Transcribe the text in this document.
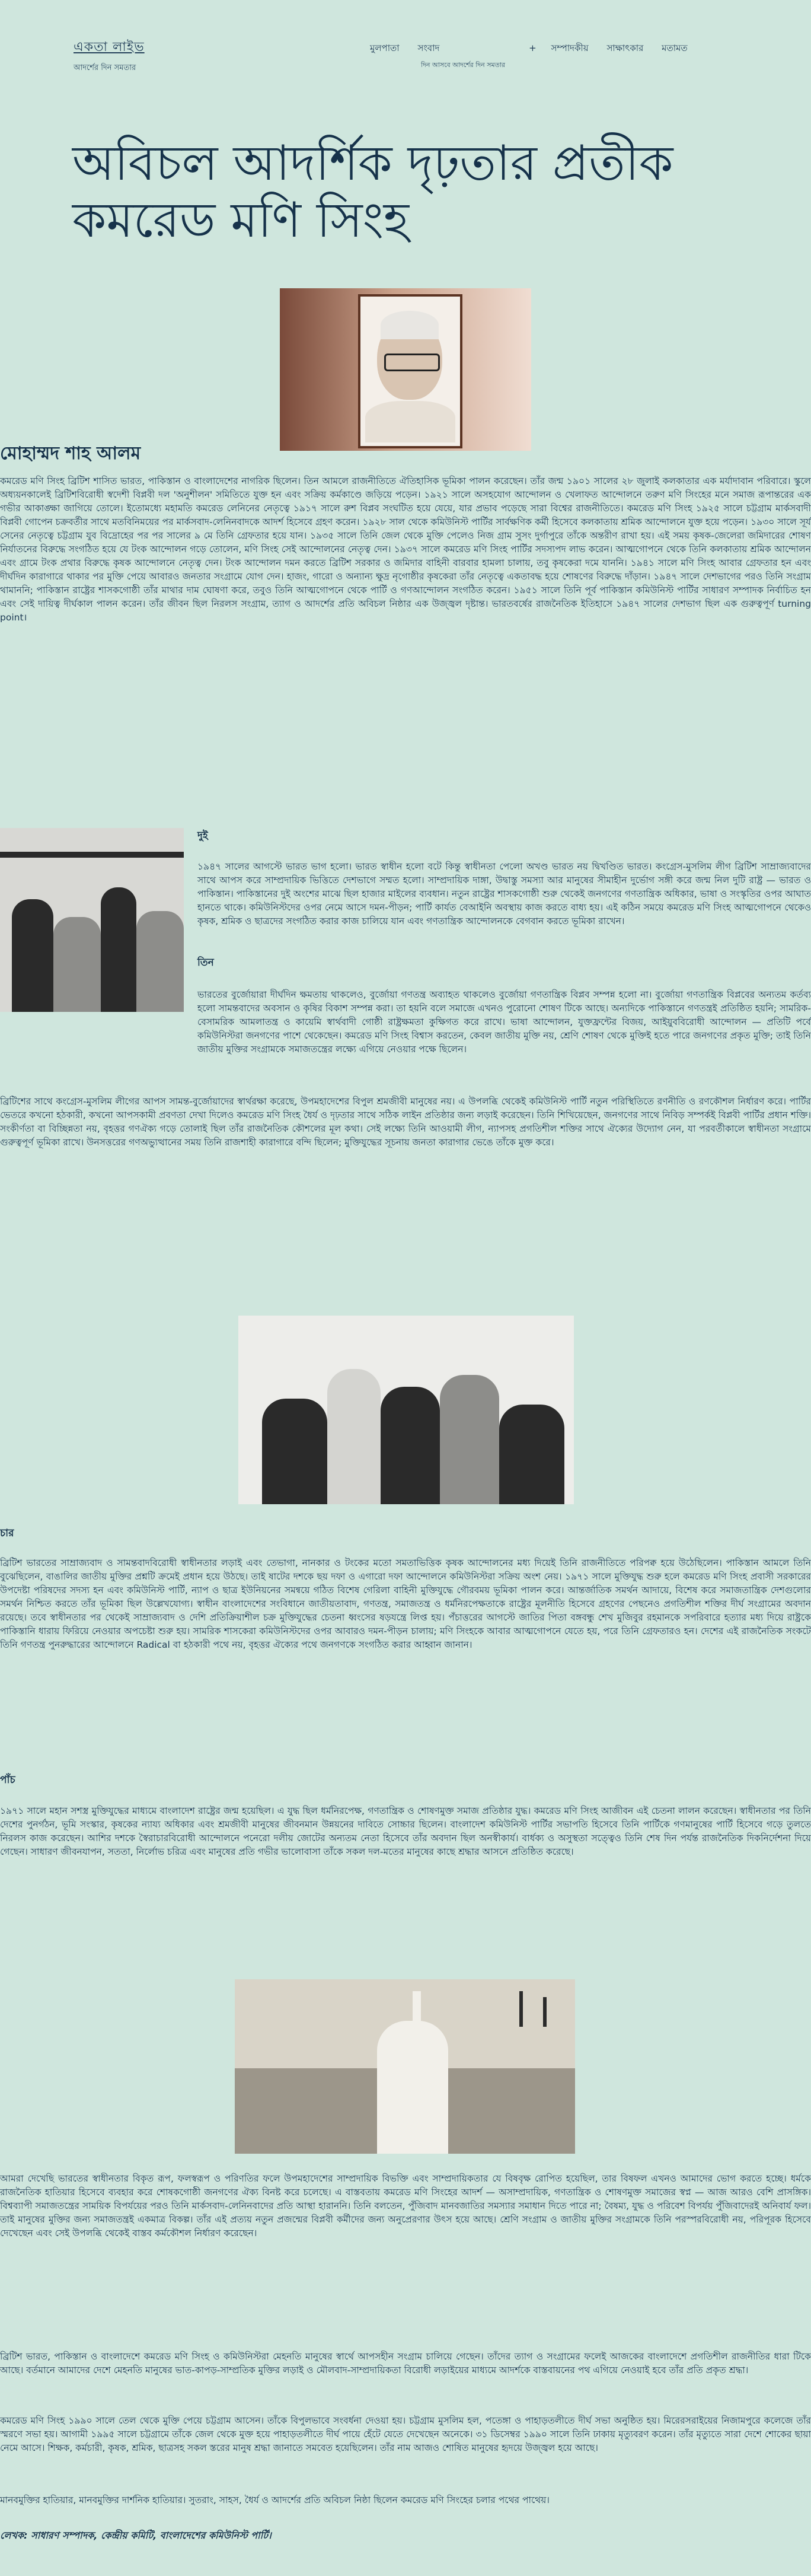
একতা লাইভ
আদর্শের দিন সমতার
মুলপাতা সংবাদ	+ সম্পাদকীয় সাক্ষাৎকার মতামত
দিন আসবে আদর্শের দিন সমতার
অবিচল আদর্শিক দৃঢ়তার প্রতীক কমরেড মণি সিংহ
মোহাম্মদ শাহ আলম

কমরেড মণি সিংহ ব্রিটিশ শাসিত ভারত, পাকিস্তান ও বাংলাদেশের নাগরিক ছিলেন। তিন আমলে রাজনীতিতে ঐতিহাসিক ভূমিকা পালন করেছেন। তাঁর জন্ম ১৯০১ সালের ২৮ জুলাই কলকাতার এক মর্যাদাবান পরিবারে। স্কুলে অধ্যয়নকালেই ব্রিটিশবিরোধী স্বদেশী বিপ্লবী দল 'অনুশীলন' সমিতিতে যুক্ত হন এবং সক্রিয় কর্মকাণ্ডে জড়িয়ে পড়েন। ১৯২১ সালে অসহযোগ আন্দোলন ও খেলাফত আন্দোলনে তরুণ মণি সিংহের মনে সমাজ রূপান্তরের এক গভীর আকাঙ্ক্ষা জাগিয়ে তোলে। ইতোমধ্যে মহামতি কমরেড লেনিনের নেতৃত্বে ১৯১৭ সালে রুশ বিপ্লব সংঘটিত হয়ে যেয়ে, যার প্রভাব পড়েছে সারা বিশ্বের রাজনীতিতে। কমরেড মণি সিংহ ১৯২৫ সালে চট্টগ্রাম মার্কসবাদী বিপ্লবী গোপেন চক্রবর্তীর সাথে মতবিনিময়ের পর মার্কসবাদ-লেনিনবাদকে আদর্শ হিসেবে গ্রহণ করেন। ১৯২৮ সাল থেকে কমিউনিস্ট পার্টির সার্বক্ষণিক কর্মী হিসেবে কলকাতায় শ্রমিক আন্দোলনে যুক্ত হয়ে পড়েন। ১৯৩০ সালে সূর্য সেনের নেতৃত্বে চট্টগ্রাম যুব বিদ্রোহের পর পর সালের ৯ মে তিনি গ্রেফতার হয়ে যান। ১৯৩৫ সালে তিনি জেল থেকে মুক্তি পেলেও নিজ গ্রাম সুসং দুর্গাপুরে তাঁকে অন্তরীণ রাখা হয়। এই সময় কৃষক-জেলেরা জমিদারের শোষণ নির্যাতনের বিরুদ্ধে সংগঠিত হয়ে যে টংক আন্দোলন গড়ে তোলেন, মণি সিংহ সেই আন্দোলনের নেতৃত্ব দেন। ১৯৩৭ সালে কমরেড মণি সিংহ পার্টির সদস্যপদ লাভ করেন। আত্মগোপনে থেকে তিনি কলকাতায় শ্রমিক আন্দোলন এবং গ্রামে টংক প্রথার বিরুদ্ধে কৃষক আন্দোলনে নেতৃত্ব দেন। টংক আন্দোলন দমন করতে ব্রিটিশ সরকার ও জমিদার বাহিনী বারবার হামলা চালায়, তবু কৃষকেরা দমে যাননি। ১৯৪১ সালে মণি সিংহ আবার গ্রেফতার হন এবং দীর্ঘদিন কারাগারে থাকার পর মুক্তি পেয়ে আবারও জনতার সংগ্রামে যোগ দেন। হাজং, গারো ও অন্যান্য ক্ষুদ্র নৃগোষ্ঠীর কৃষকেরা তাঁর নেতৃত্বে একতাবদ্ধ হয়ে শোষণের বিরুদ্ধে দাঁড়ান। ১৯৪৭ সালে দেশভাগের পরও তিনি সংগ্রাম থামাননি; পাকিস্তান রাষ্ট্রের শাসকগোষ্ঠী তাঁর মাথার দাম ঘোষণা করে, তবুও তিনি আত্মগোপনে থেকে পার্টি ও গণআন্দোলন সংগঠিত করেন। ১৯৫১ সালে তিনি পূর্ব পাকিস্তান কমিউনিস্ট পার্টির সাধারণ সম্পাদক নির্বাচিত হন এবং সেই দায়িত্ব দীর্ঘকাল পালন করেন। তাঁর জীবন ছিল নিরলস সংগ্রাম, ত্যাগ ও আদর্শের প্রতি অবিচল নিষ্ঠার এক উজ্জ্বল দৃষ্টান্ত। ভারতবর্ষের রাজনৈতিক ইতিহাসে ১৯৪৭ সালের দেশভাগ ছিল এক গুরুত্বপূর্ণ turning point।

দুই

১৯৪৭ সালের আগস্টে ভারত ভাগ হলো। ভারত স্বাধীন হলো বটে কিন্তু স্বাধীনতা পেলো অখণ্ড ভারত নয় দ্বিখণ্ডিত ভারত। কংগ্রেস-মুসলিম লীগ ব্রিটিশ সাম্রাজ্যবাদের সাথে আপস করে সাম্প্রদায়িক ভিত্তিতে দেশভাগে সম্মত হলো। সাম্প্রদায়িক দাঙ্গা, উদ্বাস্তু সমস্যা আর মানুষের সীমাহীন দুর্ভোগ সঙ্গী করে জন্ম নিল দুটি রাষ্ট্র — ভারত ও পাকিস্তান। পাকিস্তানের দুই অংশের মাঝে ছিল হাজার মাইলের ব্যবধান। নতুন রাষ্ট্রের শাসকগোষ্ঠী শুরু থেকেই জনগণের গণতান্ত্রিক অধিকার, ভাষা ও সংস্কৃতির ওপর আঘাত হানতে থাকে। কমিউনিস্টদের ওপর নেমে আসে দমন-পীড়ন; পার্টি কার্যত বেআইনি অবস্থায় কাজ করতে বাধ্য হয়। এই কঠিন সময়ে কমরেড মণি সিংহ আত্মগোপনে থেকেও কৃষক, শ্রমিক ও ছাত্রদের সংগঠিত করার কাজ চালিয়ে যান এবং গণতান্ত্রিক আন্দোলনকে বেগবান করতে ভূমিকা রাখেন।

তিন

ভারতের বুর্জোয়ারা দীর্ঘদিন ক্ষমতায় থাকলেও, বুর্জোয়া গণতন্ত্র অব্যাহত থাকলেও বুর্জোয়া গণতান্ত্রিক বিপ্লব সম্পন্ন হলো না। বুর্জোয়া গণতান্ত্রিক বিপ্লবের অন্যতম কর্তব্য হলো সামন্তবাদের অবসান ও কৃষির বিকাশ সম্পন্ন করা। তা হয়নি বলে সমাজে এখনও পুরোনো শোষণ টিকে আছে। অন্যদিকে পাকিস্তানে গণতন্ত্রই প্রতিষ্ঠিত হয়নি; সামরিক-বেসামরিক আমলাতন্ত্র ও কায়েমি স্বার্থবাদী গোষ্ঠী রাষ্ট্রক্ষমতা কুক্ষিগত করে রাখে। ভাষা আন্দোলন, যুক্তফ্রন্টের বিজয়, আইয়ুববিরোধী আন্দোলন — প্রতিটি পর্বে কমিউনিস্টরা জনগণের পাশে থেকেছেন। কমরেড মণি সিংহ বিশ্বাস করতেন, কেবল জাতীয় মুক্তি নয়, শ্রেণি শোষণ থেকে মুক্তিই হতে পারে জনগণের প্রকৃত মুক্তি; তাই তিনি জাতীয় মুক্তির সংগ্রামকে সমাজতন্ত্রের লক্ষ্যে এগিয়ে নেওয়ার পক্ষে ছিলেন।

ব্রিটিশের সাথে কংগ্রেস-মুসলিম লীগের আপস সামন্ত-বুর্জোয়াদের স্বার্থরক্ষা করেছে, উপমহাদেশের বিপুল শ্রমজীবী মানুষের নয়। এ উপলব্ধি থেকেই কমিউনিস্ট পার্টি নতুন পরিস্থিতিতে রণনীতি ও রণকৌশল নির্ধারণ করে। পার্টির ভেতরে কখনো হঠকারী, কখনো আপসকামী প্রবণতা দেখা দিলেও কমরেড মণি সিংহ ধৈর্য ও দৃঢ়তার সাথে সঠিক লাইন প্রতিষ্ঠার জন্য লড়াই করেছেন। তিনি শিখিয়েছেন, জনগণের সাথে নিবিড় সম্পর্কই বিপ্লবী পার্টির প্রধান শক্তি। সংকীর্ণতা বা বিচ্ছিন্নতা নয়, বৃহত্তর গণঐক্য গড়ে তোলাই ছিল তাঁর রাজনৈতিক কৌশলের মূল কথা। সেই লক্ষ্যে তিনি আওয়ামী লীগ, ন্যাপসহ প্রগতিশীল শক্তির সাথে ঐক্যের উদ্যোগ নেন, যা পরবর্তীকালে স্বাধীনতা সংগ্রামে গুরুত্বপূর্ণ ভূমিকা রাখে। উনসত্তরের গণঅভ্যুত্থানের সময় তিনি রাজশাহী কারাগারে বন্দি ছিলেন; মুক্তিযুদ্ধের সূচনায় জনতা কারাগার ভেঙে তাঁকে মুক্ত করে।

চার

ব্রিটিশ ভারতের সাম্রাজ্যবাদ ও সামন্তবাদবিরোধী স্বাধীনতার লড়াই এবং তেভাগা, নানকার ও টংকের মতো সমতাভিত্তিক কৃষক আন্দোলনের মধ্য দিয়েই তিনি রাজনীতিতে পরিপক্ব হয়ে উঠেছিলেন। পাকিস্তান আমলে তিনি বুঝেছিলেন, বাঙালির জাতীয় মুক্তির প্রশ্নটি ক্রমেই প্রধান হয়ে উঠছে। তাই ষাটের দশকে ছয় দফা ও এগারো দফা আন্দোলনে কমিউনিস্টরা সক্রিয় অংশ নেয়। ১৯৭১ সালে মুক্তিযুদ্ধ শুরু হলে কমরেড মণি সিংহ প্রবাসী সরকারের উপদেষ্টা পরিষদের সদস্য হন এবং কমিউনিস্ট পার্টি, ন্যাপ ও ছাত্র ইউনিয়নের সমন্বয়ে গঠিত বিশেষ গেরিলা বাহিনী মুক্তিযুদ্ধে গৌরবময় ভূমিকা পালন করে। আন্তর্জাতিক সমর্থন আদায়ে, বিশেষ করে সমাজতান্ত্রিক দেশগুলোর সমর্থন নিশ্চিত করতে তাঁর ভূমিকা ছিল উল্লেখযোগ্য। স্বাধীন বাংলাদেশের সংবিধানে জাতীয়তাবাদ, গণতন্ত্র, সমাজতন্ত্র ও ধর্মনিরপেক্ষতাকে রাষ্ট্রের মূলনীতি হিসেবে গ্রহণের পেছনেও প্রগতিশীল শক্তির দীর্ঘ সংগ্রামের অবদান রয়েছে। তবে স্বাধীনতার পর থেকেই সাম্রাজ্যবাদ ও দেশি প্রতিক্রিয়াশীল চক্র মুক্তিযুদ্ধের চেতনা ধ্বংসের ষড়যন্ত্রে লিপ্ত হয়। পঁচাত্তরের আগস্টে জাতির পিতা বঙ্গবন্ধু শেখ মুজিবুর রহমানকে সপরিবারে হত্যার মধ্য দিয়ে রাষ্ট্রকে পাকিস্তানি ধারায় ফিরিয়ে নেওয়ার অপচেষ্টা শুরু হয়। সামরিক শাসকেরা কমিউনিস্টদের ওপর আবারও দমন-পীড়ন চালায়; মণি সিংহকে আবার আত্মগোপনে যেতে হয়, পরে তিনি গ্রেফতারও হন। দেশের এই রাজনৈতিক সংকটে তিনি গণতন্ত্র পুনরুদ্ধারের আন্দোলনে Radical বা হঠকারী পথে নয়, বৃহত্তর ঐক্যের পথে জনগণকে সংগঠিত করার আহ্বান জানান।

পাঁচ

১৯৭১ সালে মহান সশস্ত্র মুক্তিযুদ্ধের মাধ্যমে বাংলাদেশ রাষ্ট্রের জন্ম হয়েছিল। এ যুদ্ধ ছিল ধর্মনিরপেক্ষ, গণতান্ত্রিক ও শোষণমুক্ত সমাজ প্রতিষ্ঠার যুদ্ধ। কমরেড মণি সিংহ আজীবন এই চেতনা লালন করেছেন। স্বাধীনতার পর তিনি দেশের পুনর্গঠন, ভূমি সংস্কার, কৃষকের ন্যায্য অধিকার এবং শ্রমজীবী মানুষের জীবনমান উন্নয়নের দাবিতে সোচ্চার ছিলেন। বাংলাদেশ কমিউনিস্ট পার্টির সভাপতি হিসেবে তিনি পার্টিকে গণমানুষের পার্টি হিসেবে গড়ে তুলতে নিরলস কাজ করেছেন। আশির দশকে স্বৈরাচারবিরোধী আন্দোলনে পনেরো দলীয় জোটের অন্যতম নেতা হিসেবে তাঁর অবদান ছিল অনস্বীকার্য। বার্ধক্য ও অসুস্থতা সত্ত্বেও তিনি শেষ দিন পর্যন্ত রাজনৈতিক দিকনির্দেশনা দিয়ে গেছেন। সাধারণ জীবনযাপন, সততা, নির্লোভ চরিত্র এবং মানুষের প্রতি গভীর ভালোবাসা তাঁকে সকল দল-মতের মানুষের কাছে শ্রদ্ধার আসনে প্রতিষ্ঠিত করেছে।

আমরা দেখেছি ভারতের স্বাধীনতার বিকৃত রূপ, ফলস্বরূপ ও পরিণতির ফলে উপমহাদেশের সাম্প্রদায়িক বিভক্তি এবং সাম্প্রদায়িকতার যে বিষবৃক্ষ রোপিত হয়েছিল, তার বিষফল এখনও আমাদের ভোগ করতে হচ্ছে। ধর্মকে রাজনৈতিক হাতিয়ার হিসেবে ব্যবহার করে শোষকগোষ্ঠী জনগণের ঐক্য বিনষ্ট করে চলেছে। এ বাস্তবতায় কমরেড মণি সিংহের আদর্শ — অসাম্প্রদায়িক, গণতান্ত্রিক ও শোষণমুক্ত সমাজের স্বপ্ন — আজ আরও বেশি প্রাসঙ্গিক। বিশ্বব্যাপী সমাজতন্ত্রের সাময়িক বিপর্যয়ের পরও তিনি মার্কসবাদ-লেনিনবাদের প্রতি আস্থা হারাননি। তিনি বলতেন, পুঁজিবাদ মানবজাতির সমস্যার সমাধান দিতে পারে না; বৈষম্য, যুদ্ধ ও পরিবেশ বিপর্যয় পুঁজিবাদেরই অনিবার্য ফল। তাই মানুষের মুক্তির জন্য সমাজতন্ত্রই একমাত্র বিকল্প। তাঁর এই প্রত্যয় নতুন প্রজন্মের বিপ্লবী কর্মীদের জন্য অনুপ্রেরণার উৎস হয়ে আছে। শ্রেণি সংগ্রাম ও জাতীয় মুক্তির সংগ্রামকে তিনি পরস্পরবিরোধী নয়, পরিপূরক হিসেবে দেখেছেন এবং সেই উপলব্ধি থেকেই বাস্তব কর্মকৌশল নির্ধারণ করেছেন।

ব্রিটিশ ভারত, পাকিস্তান ও বাংলাদেশে কমরেড মণি সিংহ ও কমিউনিস্টরা মেহনতি মানুষের স্বার্থে আপসহীন সংগ্রাম চালিয়ে গেছেন। তাঁদের ত্যাগ ও সংগ্রামের ফলেই আজকের বাংলাদেশে প্রগতিশীল রাজনীতির ধারা টিকে আছে। বর্তমানে আমাদের দেশে মেহনতি মানুষের ভাত-কাপড়-সাম্প্রতিক মুক্তির লড়াই ও মৌলবাদ-সাম্প্রদায়িকতা বিরোধী লড়াইয়ের মাধ্যমে আদর্শকে বাস্তবায়নের পথ এগিয়ে নেওয়াই হবে তাঁর প্রতি প্রকৃত শ্রদ্ধা।

কমরেড মণি সিংহ ১৯৯০ সালে তেল থেকে মুক্তি পেয়ে চট্টগ্রাম আসেন। তাঁকে বিপুলভাবে সংবর্ধনা দেওয়া হয়। চট্টগ্রাম মুসলিম হল, পতেঙ্গা ও পাহাড়তলীতে দীর্ঘ সভা অনুষ্ঠিত হয়। মিরেরসরাইয়ের নিজামপুরে কলেজে তাঁর স্মরণে সভা হয়। আগামী ১৯৯৫ সালে চট্টগ্রামে তাঁকে জেল থেকে মুক্ত হয়ে পাহাড়তলীতে দীর্ঘ পায়ে হেঁটে যেতে দেখেছেন অনেকে। ৩১ ডিসেম্বর ১৯৯০ সালে তিনি ঢাকায় মৃত্যুবরণ করেন। তাঁর মৃত্যুতে সারা দেশে শোকের ছায়া নেমে আসে। শিক্ষক, কর্মচারী, কৃষক, শ্রমিক, ছাত্রসহ সকল স্তরের মানুষ শ্রদ্ধা জানাতে সমবেত হয়েছিলেন। তাঁর নাম আজও শোষিত মানুষের হৃদয়ে উজ্জ্বল হয়ে আছে।

মানবমুক্তির হাতিয়ার, মানবমুক্তির দার্শনিক হাতিয়ার। সুতরাং, সাহস, ধৈর্য ও আদর্শের প্রতি অবিচল নিষ্ঠা ছিলেন কমরেড মণি সিংহের চলার পথের পাথেয়।

লেখক: সাধারণ সম্পাদক, কেন্দ্রীয় কমিটি, বাংলাদেশের কমিউনিস্ট পার্টি।
